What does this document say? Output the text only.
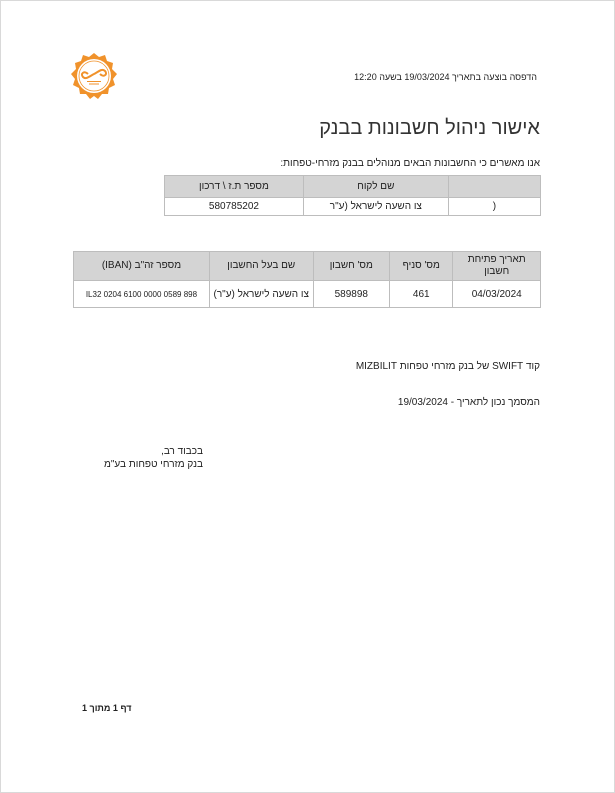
הדפסה בוצעה בתאריך 19/03/2024 בשעה 12:20
אישור ניהול חשבונות בבנק
אנו מאשרים כי החשבונות הבאים מנוהלים בבנק מזרחי-טפחות:
	שם לקוח	מספר ת.ז \ דרכון
(	צו השעה לישראל (ע"ר	580785202
תאריך פתיחת חשבון	מס' סניף	מס' חשבון	שם בעל החשבון	מספר זה"ב (IBAN)
04/03/2024	461	589898	צו השעה לישראל (ע"ר)	IL32 0204 6100 0000 0589 898
קוד SWIFT של בנק מזרחי טפחות MIZBILIT
המסמך נכון לתאריך - 19/03/2024
בכבוד רב,
בנק מזרחי טפחות בע"מ
דף 1 מתוך 1
